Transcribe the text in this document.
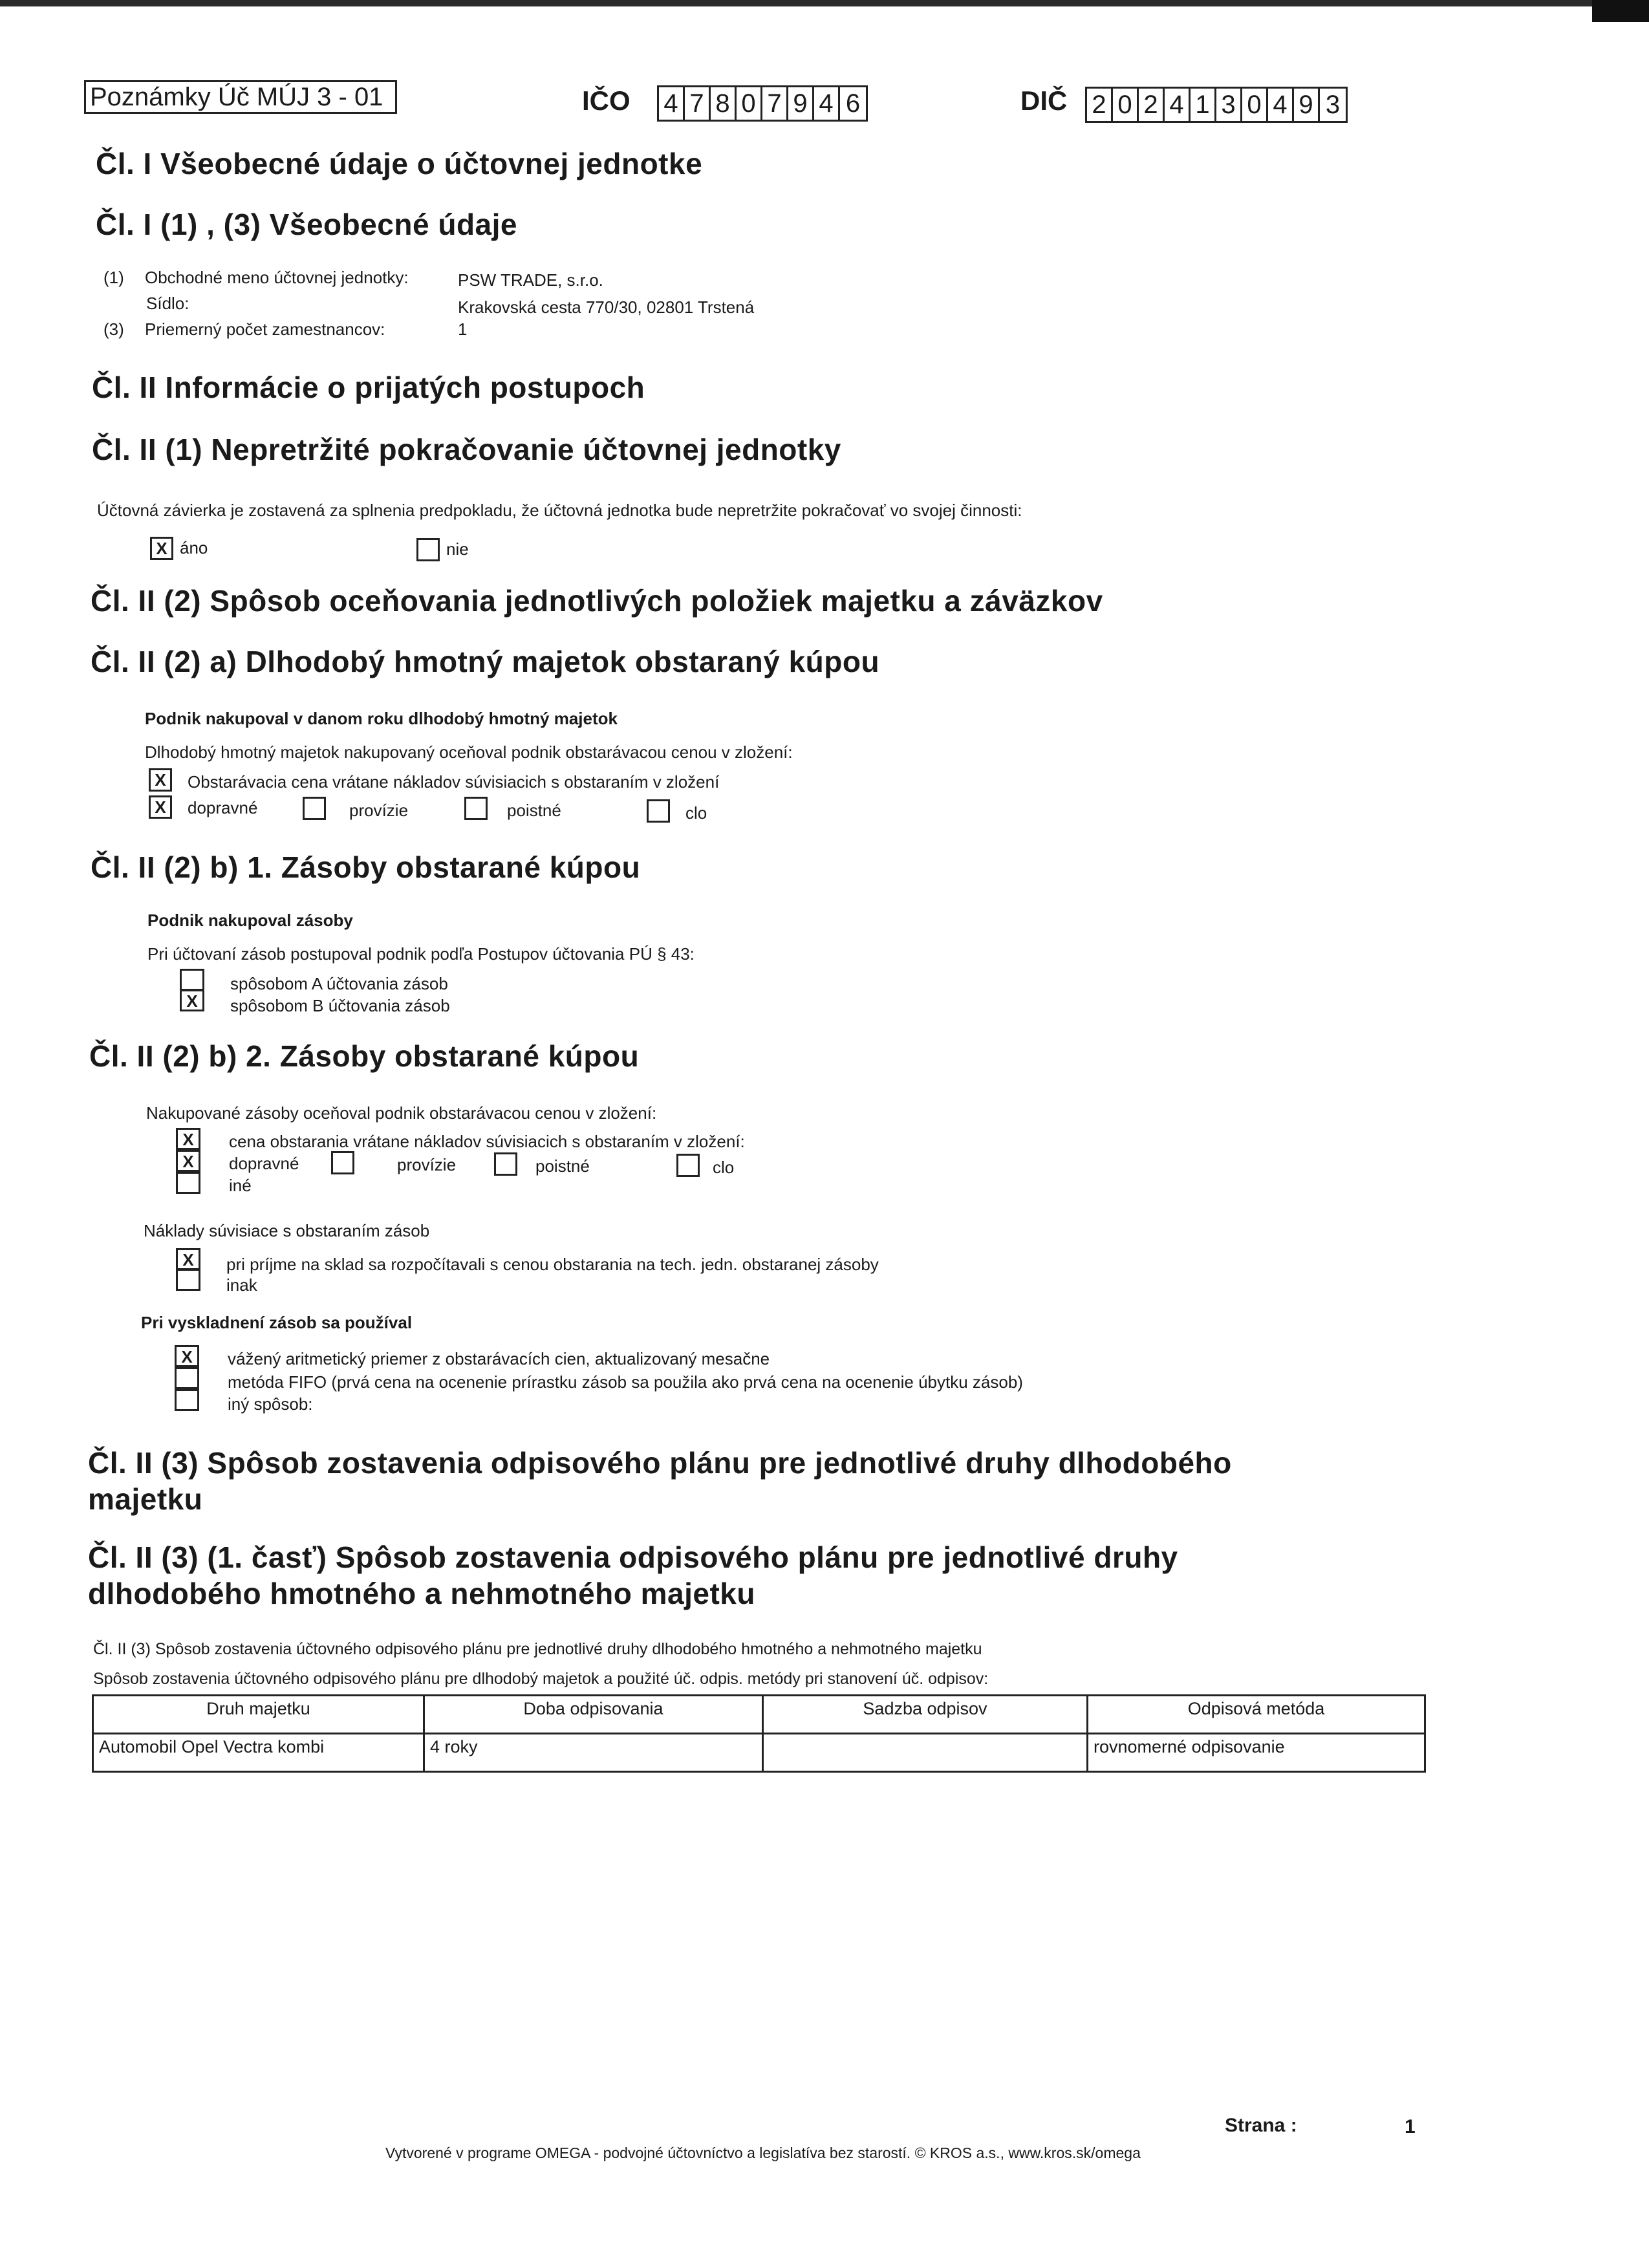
Poznámky Úč MÚJ 3 - 01	IČO 4 7 8 0 7 9 4 6	DIČ 2 0 2 4 1 3 0 4 9 3
Čl. I Všeobecné údaje o účtovnej jednotke
Čl. I (1) , (3) Všeobecné údaje
(1) Obchodné meno účtovnej jednotky:	PSW TRADE, s.r.o.
Sídlo:	Krakovská cesta 770/30, 02801 Trstená
(3) Priemerný počet zamestnancov:	1
Čl. II Informácie o prijatých postupoch
Čl. II (1) Nepretržité pokračovanie účtovnej jednotky
Účtovná závierka je zostavená za splnenia predpokladu, že účtovná jednotka bude nepretržite pokračovať vo svojej činnosti:
X áno	nie
Čl. II (2) Spôsob oceňovania jednotlivých položiek majetku a záväzkov
Čl. II (2) a) Dlhodobý hmotný majetok obstaraný kúpou
Podnik nakupoval v danom roku dlhodobý hmotný majetok
Dlhodobý hmotný majetok nakupovaný oceňoval podnik obstarávacou cenou v zložení:
X	Obstarávacia cena vrátane nákladov súvisiacich s obstaraním v zložení
X	dopravné	provízie	poistné	clo
Čl. II (2) b) 1. Zásoby obstarané kúpou
Podnik nakupoval zásoby
Pri účtovaní zásob postupoval podnik podľa Postupov účtovania PÚ § 43:
spôsobom A účtovania zásob
X	spôsobom B účtovania zásob
Čl. II (2) b) 2. Zásoby obstarané kúpou
Nakupované zásoby oceňoval podnik obstarávacou cenou v zložení:
X	cena obstarania vrátane nákladov súvisiacich s obstaraním v zložení:
X	dopravné	provízie	poistné	clo
iné
Náklady súvisiace s obstaraním zásob
X	pri príjme na sklad sa rozpočítavali s cenou obstarania na tech. jedn. obstaranej zásoby
inak
Pri vyskladnení zásob sa používal
X	vážený aritmetický priemer z obstarávacích cien, aktualizovaný mesačne
metóda FIFO (prvá cena na ocenenie prírastku zásob sa použila ako prvá cena na ocenenie úbytku zásob)
iný spôsob:
Čl. II (3) Spôsob zostavenia odpisového plánu pre jednotlivé druhy dlhodobého majetku
Čl. II (3) (1. časť) Spôsob zostavenia odpisového plánu pre jednotlivé druhy dlhodobého hmotného a nehmotného majetku
Čl. II (3) Spôsob zostavenia účtovného odpisového plánu pre jednotlivé druhy dlhodobého hmotného a nehmotného majetku
Spôsob zostavenia účtovného odpisového plánu pre dlhodobý majetok a použité úč. odpis. metódy pri stanovení úč. odpisov:
Druh majetku	Doba odpisovania	Sadzba odpisov	Odpisová metóda
Automobil Opel Vectra kombi	4 roky		rovnomerné odpisovanie
Strana :	1
Vytvorené v programe OMEGA - podvojné účtovníctvo a legislatíva bez starostí. © KROS a.s., www.kros.sk/omega
